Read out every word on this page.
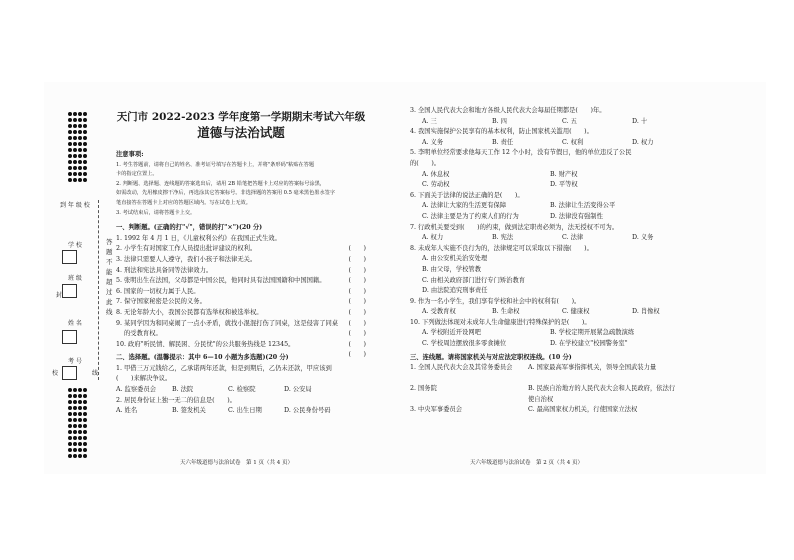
到 年 级 校
学 校
班 级
封
姓 名
考 号
校	线
答题不能超过此线
天门市 2022-2023 学年度第一学期期末考试六年级
道德与法治试题

注意事项:

1. 考生答题前，请将自己的姓名、准考证号填写在答题卡上，并将"条形码"粘贴在答题

卡的指定位置上。

2. 判断题、选择题、连线题的答案选出后，请用 2B 铅笔把答题卡上对应的答案标号涂黑，

如需改动，先用橡皮擦干净后，再选涂其它答案标号。非选择题的答案用 0.5 毫米黑色墨水签字

笔直接答在答题卡上对应的答题区域内。写在试卷上无效。

3. 考试结束后，请将答题卡上交。

一、判断题。(正确的打"√"，错误的打"×")(20 分)

1. 1992 年 4 月 1 日，《儿童权利公约》在我国正式生效。

(　　)

2. 小学生有对国家工作人员提出批评建议的权利。

(　　)

3. 法律只需要人人遵守，我们小孩子和法律无关。

(　　)

4. 刑法和宪法具备同等法律效力。

(　　)

5. 张明出生在法国，父母都是中国公民，他同时具有法国国籍和中国国籍。

(　　)

6. 国家的一切权力属于人民。

(　　)

7. 保守国家秘密是公民的义务。

(　　)

8. 无论年龄大小，我国公民都有选举权和被选举权。

(　　)

9. 某同学因为和同桌闹了一点小矛盾，就找小混混打伤了同桌，这是侵害了同桌

(　　)

的受教育权。

(　　)

10. 政府"听民情、解民困、分民忧"的公共服务热线是 12345。

(　　)

二、选择题。(温馨提示：其中 6—10 小题为多选题)(20 分)

1. 甲借三万元钱给乙，乙承诺两年还款，但是到期后，乙仍未还款，甲应该到

(　　)来解决争议。

A. 监察委员会	B. 法院	C. 检察院	D. 公安局

2. 居民身份证上独一无二的信息是(　　)。

A. 姓名	B. 签发机关	C. 出生日期	D. 公民身份号码
天六年级道德与法治试卷　第 1 页（共 4 页）

3. 全国人民代表大会和地方各级人民代表大会每届任期都是(　　)年。

A. 三	B. 四	C. 五	D. 十

4. 我国实施保护公民享有的基本权利，防止国家机关滥用(　　)。

A. 义务	B. 责任	C. 权利	D. 权力

5. 李明单位经常要求他每天工作 12 个小时，没有节假日，他的单位违反了公民

的(　　)。

A. 休息权	B. 财产权
C. 劳动权	D. 平等权

6. 下面关于法律的说法正确的是(　　)。

A. 法律让大家的生活更有保障	B. 法律让生活变得公平
C. 法律主要是为了约束人们的行为	D. 法律没有强制性

7. 行政机关要受到(　　)的约束，做到法定职责必须为，法无授权不可为。

A. 权力	B. 宪法	C. 法律	D. 义务

8. 未成年人实施不良行为的，法律规定可以采取以下措施(　　)。

A. 由公安机关治安处理

B. 由父母，学校管教

C. 由相关政府部门进行专门矫治教育

D. 由法院追究刑事责任

9. 作为一名小学生，我们享有学校和社会中的权利有(　　)。

A. 受教育权	B. 生命权	C. 健康权	D. 肖像权

10. 下列做法体现对未成年人生命健康进行特殊保护的是(　　)。

A. 学校附近开设网吧	B. 学校定期开展紧急疏散演练
C. 学校周边摆放很多零食摊位	D. 在学校建立"校园警务室"

三、连线题。请将国家机关与对应法定职权连线。(10 分)

1. 全国人民代表大会及其常务委员会 A. 国家最高军事指挥机关，领导全国武装力量
2. 国务院	B. 民族自治地方的人民代表大会和人民政府，依法行使自治权
3. 中央军事委员会	C. 最高国家权力机关，行使国家立法权
天六年级道德与法治试卷　第 2 页（共 4 页）
